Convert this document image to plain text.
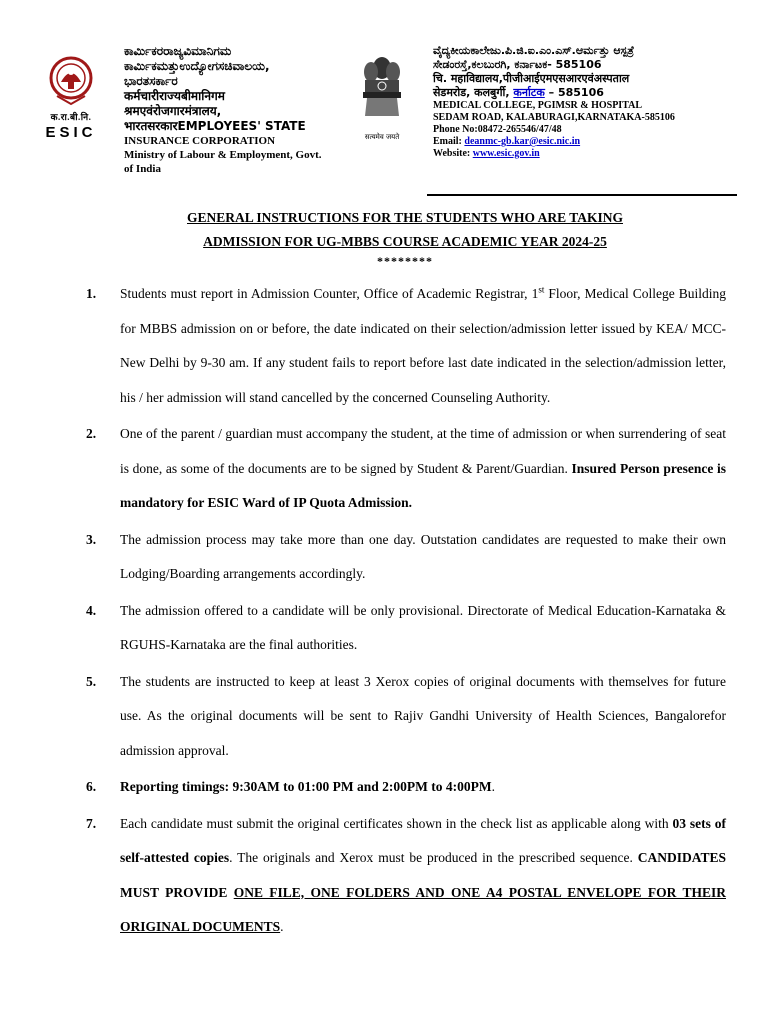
क.रा.बी.नि.
ESIC
ಕಾರ್ಮಿಕರರಾಜ್ಯವಿಮಾನಿಗಮ
ಕಾರ್ಮಿಕಮತ್ತುಉದ್ಯೋಗಸಚಿವಾಲಯ,
ಭಾರತಸರ್ಕಾರ
कर्मचारीराज्यबीमानिगम
श्रमएवंरोजगारमंत्रालय,
भारतसरकारEMPLOYEES' STATE
INSURANCE CORPORATION
Ministry of Labour & Employment, Govt.
of India
सत्यमेव जयते
ವೈದ್ಯಕೀಯಕಾಲೇಜು.ಪಿ.ಜಿ.ಐ.ಎಂ.ಎಸ್.ಆರ್ಮತ್ತು ಆಸ್ಪತ್ರೆ
ಸೇಡಂರಸ್ತೆ,ಕಲಬುರಗಿ, ಕರ್ನಾಟಕ- 585106
चि. महाविद्यालय,पीजीआईएमएसआरएवंअस्पताल
सेडमरोड, कलबुर्गी, कर्नाटक – 585106
MEDICAL COLLEGE, PGIMSR & HOSPITAL
SEDAM ROAD, KALABURAGI,KARNATAKA-585106
Phone No:08472-265546/47/48
Email: deanmc-gb.kar@esic.nic.in
Website: www.esic.gov.in
GENERAL INSTRUCTIONS FOR THE STUDENTS WHO ARE TAKING
ADMISSION FOR UG-MBBS COURSE ACADEMIC YEAR 2024-25
********
1. Students must report in Admission Counter, Office of Academic Registrar, 1st Floor, Medical College Building for MBBS admission on or before, the date indicated on their selection/admission letter issued by KEA/ MCC-New Delhi by 9-30 am. If any student fails to report before last date indicated in the selection/admission letter, his / her admission will stand cancelled by the concerned Counseling Authority.
2. One of the parent / guardian must accompany the student, at the time of admission or when surrendering of seat is done, as some of the documents are to be signed by Student & Parent/Guardian. Insured Person presence is mandatory for ESIC Ward of IP Quota Admission.
3. The admission process may take more than one day. Outstation candidates are requested to make their own Lodging/Boarding arrangements accordingly.
4. The admission offered to a candidate will be only provisional. Directorate of Medical Education-Karnataka & RGUHS-Karnataka are the final authorities.
5. The students are instructed to keep at least 3 Xerox copies of original documents with themselves for future use. As the original documents will be sent to Rajiv Gandhi University of Health Sciences, Bangalorefor admission approval.
6. Reporting timings: 9:30AM to 01:00 PM and 2:00PM to 4:00PM.
7. Each candidate must submit the original certificates shown in the check list as applicable along with 03 sets of self-attested copies. The originals and Xerox must be produced in the prescribed sequence. CANDIDATES MUST PROVIDE ONE FILE, ONE FOLDERS AND ONE A4 POSTAL ENVELOPE FOR THEIR ORIGINAL DOCUMENTS.
